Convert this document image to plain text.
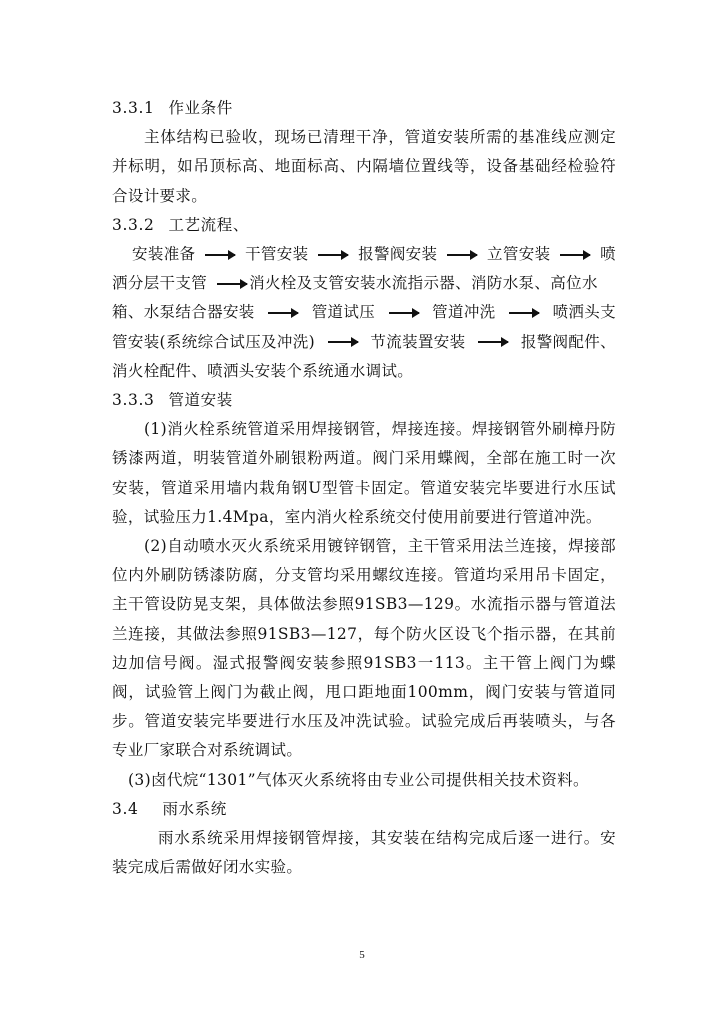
3.3.1 作业条件

主体结构已验收，现场已清理干净，管道安装所需的基准线应测定并标明，如吊顶标高、地面标高、内隔墙位置线等，设备基础经检验符合设计要求。

3.3.2 工艺流程、

安装准备	干管安装	报警阀安装	立管安装	喷
洒分层干支管	消火栓及支管安装水流指示器、消防水泵、高位水
箱、水泵结合器安装	管道试压	管道冲洗	喷洒头支
管安装(系统综合试压及冲洗)	节流装置安装	报警阀配件、

消火栓配件、喷洒头安装个系统通水调试。

3.3.3 管道安装

(1)消火栓系统管道采用焊接钢管，焊接连接。焊接钢管外刷樟丹防锈漆两道，明装管道外刷银粉两道。阀门采用蝶阀，全部在施工时一次安装，管道采用墙内栽角钢U型管卡固定。管道安装完毕要进行水压试验，试验压力1.4Mpa，室内消火栓系统交付使用前要进行管道冲洗。

(2)自动喷水灭火系统采用镀锌钢管，主干管采用法兰连接，焊接部位内外刷防锈漆防腐，分支管均采用螺纹连接。管道均采用吊卡固定，主干管设防晃支架，具体做法参照91SB3—129。水流指示器与管道法兰连接，其做法参照91SB3—127，每个防火区设飞个指示器，在其前边加信号阀。湿式报警阀安装参照91SB3一113。主干管上阀门为蝶阀，试验管上阀门为截止阀，甩口距地面100mm，阀门安装与管道同步。管道安装完毕要进行水压及冲洗试验。试验完成后再装喷头，与各专业厂家联合对系统调试。

(3)卤代烷“1301”气体灭火系统将由专业公司提供相关技术资料。

3.4 雨水系统

雨水系统采用焊接钢管焊接，其安装在结构完成后逐一进行。安装完成后需做好闭水实验。

5
